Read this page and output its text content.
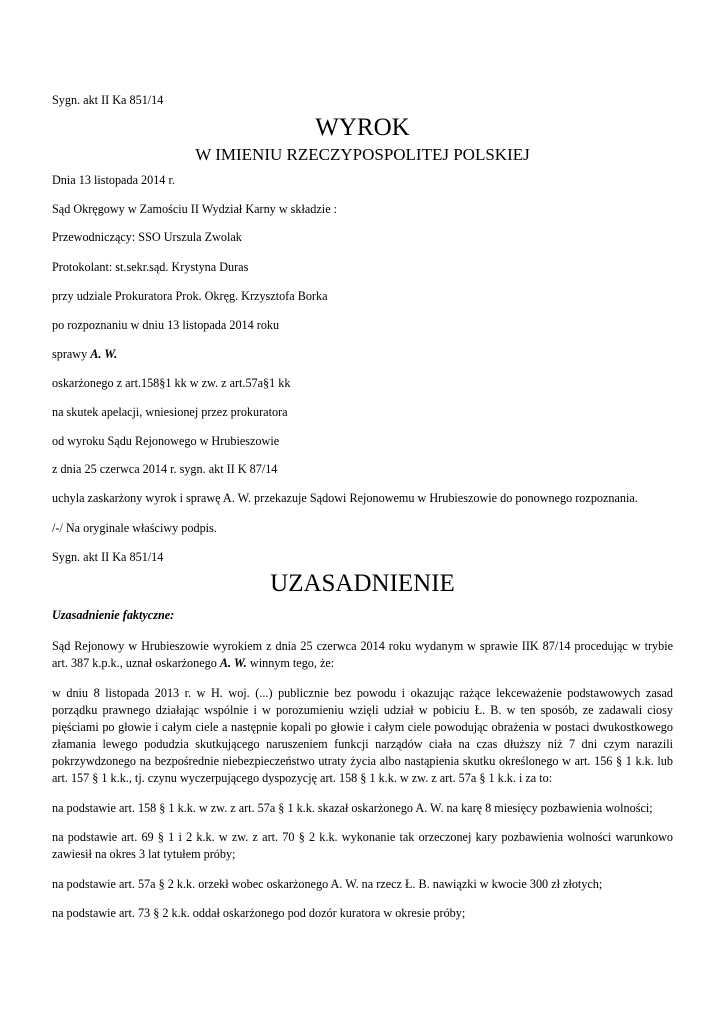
Sygn. akt II Ka 851/14

WYROK
W IMIENIU RZECZYPOSPOLITEJ POLSKIEJ

Dnia 13 listopada 2014 r.

Sąd Okręgowy w Zamościu II Wydział Karny w składzie :

Przewodniczący: SSO Urszula Zwolak

Protokolant: st.sekr.sąd. Krystyna Duras

przy udziale Prokuratora Prok. Okręg. Krzysztofa Borka

po rozpoznaniu w dniu 13 listopada 2014 roku

sprawy A. W.

oskarżonego z art.158§1 kk w zw. z art.57a§1 kk

na skutek apelacji, wniesionej przez prokuratora

od wyroku Sądu Rejonowego w Hrubieszowie

z dnia 25 czerwca 2014 r. sygn. akt II K 87/14

uchyla zaskarżony wyrok i sprawę A. W. przekazuje Sądowi Rejonowemu w Hrubieszowie do ponownego rozpoznania.

/-/ Na oryginale właściwy podpis.

Sygn. akt II Ka 851/14

UZASADNIENIE

Uzasadnienie faktyczne:

Sąd Rejonowy w Hrubieszowie wyrokiem z dnia 25 czerwca 2014 roku wydanym w sprawie IIK 87/14 procedując w trybie art. 387 k.p.k., uznał oskarżonego A. W. winnym tego, że:

w dniu 8 listopada 2013 r. w H. woj. (...) publicznie bez powodu i okazując rażące lekceważenie podstawowych zasad porządku prawnego działając wspólnie i w porozumieniu wzięli udział w pobiciu Ł. B. w ten sposób, ze zadawali ciosy pięściami po głowie i całym ciele a następnie kopali po głowie i całym ciele powodując obrażenia w postaci dwukostkowego złamania lewego podudzia skutkującego naruszeniem funkcji narządów ciała na czas dłuższy niż 7 dni czym narazili pokrzywdzonego na bezpośrednie niebezpieczeństwo utraty życia albo nastąpienia skutku określonego w art. 156 § 1 k.k. lub art. 157 § 1 k.k., tj. czynu wyczerpującego dyspozycję art. 158 § 1 k.k. w zw. z art. 57a § 1 k.k. i za to:

na podstawie art. 158 § 1 k.k. w zw. z art. 57a § 1 k.k. skazał oskarżonego A. W. na karę 8 miesięcy pozbawienia wolności;

na podstawie art. 69 § 1 i 2 k.k. w zw. z art. 70 § 2 k.k. wykonanie tak orzeczonej kary pozbawienia wolności warunkowo zawiesił na okres 3 lat tytułem próby;

na podstawie art. 57a § 2 k.k. orzekł wobec oskarżonego A. W. na rzecz Ł. B. nawiązki w kwocie 300 zł złotych;

na podstawie art. 73 § 2 k.k. oddał oskarżonego pod dozór kuratora w okresie próby;
